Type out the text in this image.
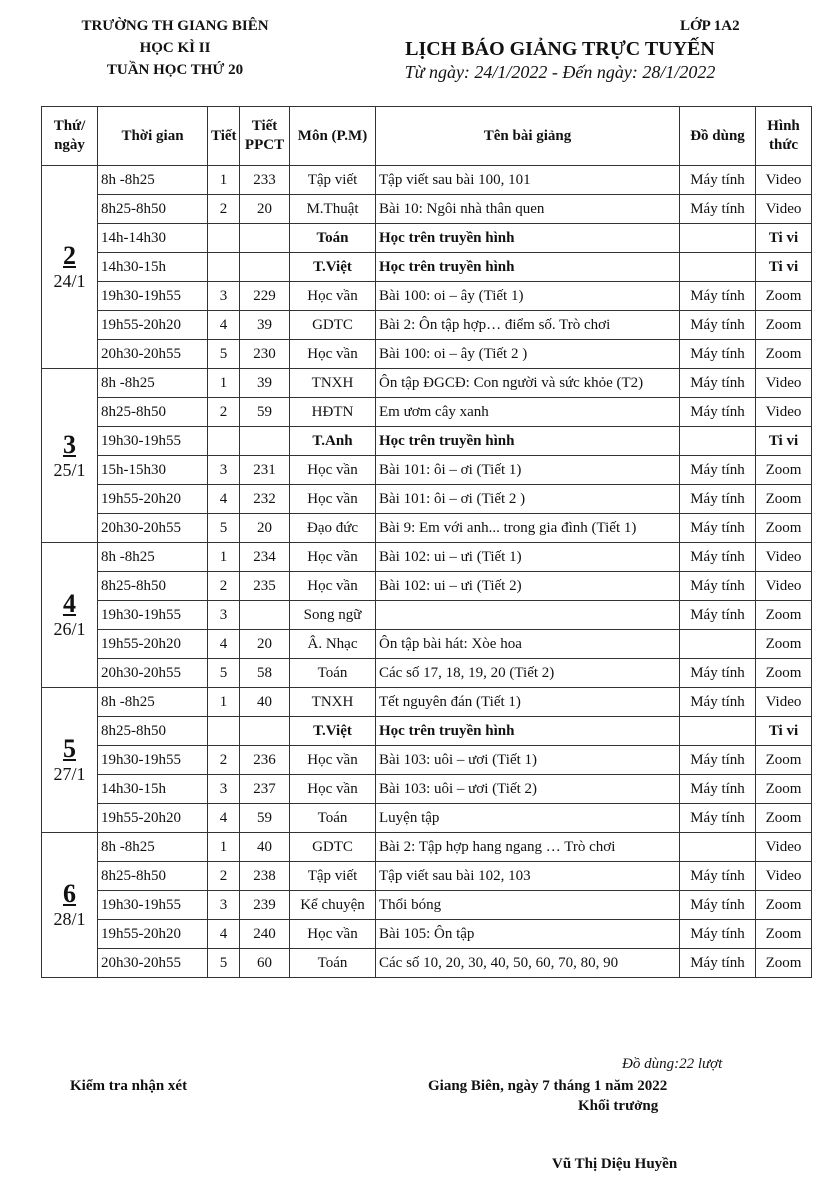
TRƯỜNG TH GIANG BIÊN
HỌC KÌ II
TUẦN HỌC THỨ 20
LỚP 1A2
LỊCH BÁO GIẢNG TRỰC TUYẾN
Từ ngày: 24/1/2022 - Đến ngày: 28/1/2022
Thứ/ ngày	Thời gian	Tiết	Tiết PPCT	Môn (P.M)	Tên bài giảng	Đồ dùng	Hình thức

2
24/1	8h -8h25	1	233	Tập viết	Tập viết sau bài 100, 101	Máy tính	Video
	8h25-8h50	2	20	M.Thuật	Bài 10: Ngôi nhà thân quen	Máy tính	Video
	14h-14h30			Toán	Học trên truyền hình		Ti vi
	14h30-15h			T.Việt	Học trên truyền hình		Ti vi
	19h30-19h55	3	229	Học vần	Bài 100: oi – ây (Tiết 1)	Máy tính	Zoom
	19h55-20h20	4	39	GDTC	Bài 2: Ôn tập hợp… điểm số. Trò chơi	Máy tính	Zoom
	20h30-20h55	5	230	Học vần	Bài 100: oi – ây (Tiết 2 )	Máy tính	Zoom

3
25/1	8h -8h25	1	39	TNXH	Ôn tập ĐGCĐ: Con người và sức khỏe (T2)	Máy tính	Video
	8h25-8h50	2	59	HĐTN	Em ươm cây xanh	Máy tính	Video
	19h30-19h55			T.Anh	Học trên truyền hình		Ti vi
	15h-15h30	3	231	Học vần	Bài 101: ôi – ơi (Tiết 1)	Máy tính	Zoom
	19h55-20h20	4	232	Học vần	Bài 101: ôi – ơi (Tiết 2 )	Máy tính	Zoom
	20h30-20h55	5	20	Đạo đức	Bài 9: Em với anh... trong gia đình (Tiết 1)	Máy tính	Zoom

4
26/1	8h -8h25	1	234	Học vần	Bài 102: ui – ưi (Tiết 1)	Máy tính	Video
	8h25-8h50	2	235	Học vần	Bài 102: ui – ưi (Tiết 2)	Máy tính	Video
	19h30-19h55	3		Song ngữ		Máy tính	Zoom
	19h55-20h20	4	20	Â. Nhạc	Ôn tập bài hát: Xòe hoa		Zoom
	20h30-20h55	5	58	Toán	Các số 17, 18, 19, 20 (Tiết 2)	Máy tính	Zoom

5
27/1	8h -8h25	1	40	TNXH	Tết nguyên đán (Tiết 1)	Máy tính	Video
	8h25-8h50			T.Việt	Học trên truyền hình		Ti vi
	19h30-19h55	2	236	Học vần	Bài 103: uôi – ươi (Tiết 1)	Máy tính	Zoom
	14h30-15h	3	237	Học vần	Bài 103: uôi – ươi (Tiết 2)	Máy tính	Zoom
	19h55-20h20	4	59	Toán	Luyện tập	Máy tính	Zoom

6
28/1	8h -8h25	1	40	GDTC	Bài 2: Tập hợp hang ngang … Trò chơi		Video
	8h25-8h50	2	238	Tập viết	Tập viết sau bài 102, 103	Máy tính	Video
	19h30-19h55	3	239	Kể chuyện	Thổi bóng	Máy tính	Zoom
	19h55-20h20	4	240	Học vần	Bài 105: Ôn tập	Máy tính	Zoom
	20h30-20h55	5	60	Toán	Các số 10, 20, 30, 40, 50, 60, 70, 80, 90	Máy tính	Zoom
Đồ dùng:22 lượt
Kiểm tra nhận xét	Giang Biên, ngày 7 tháng 1 năm 2022
Khối trưởng
Vũ Thị Diệu Huyền
